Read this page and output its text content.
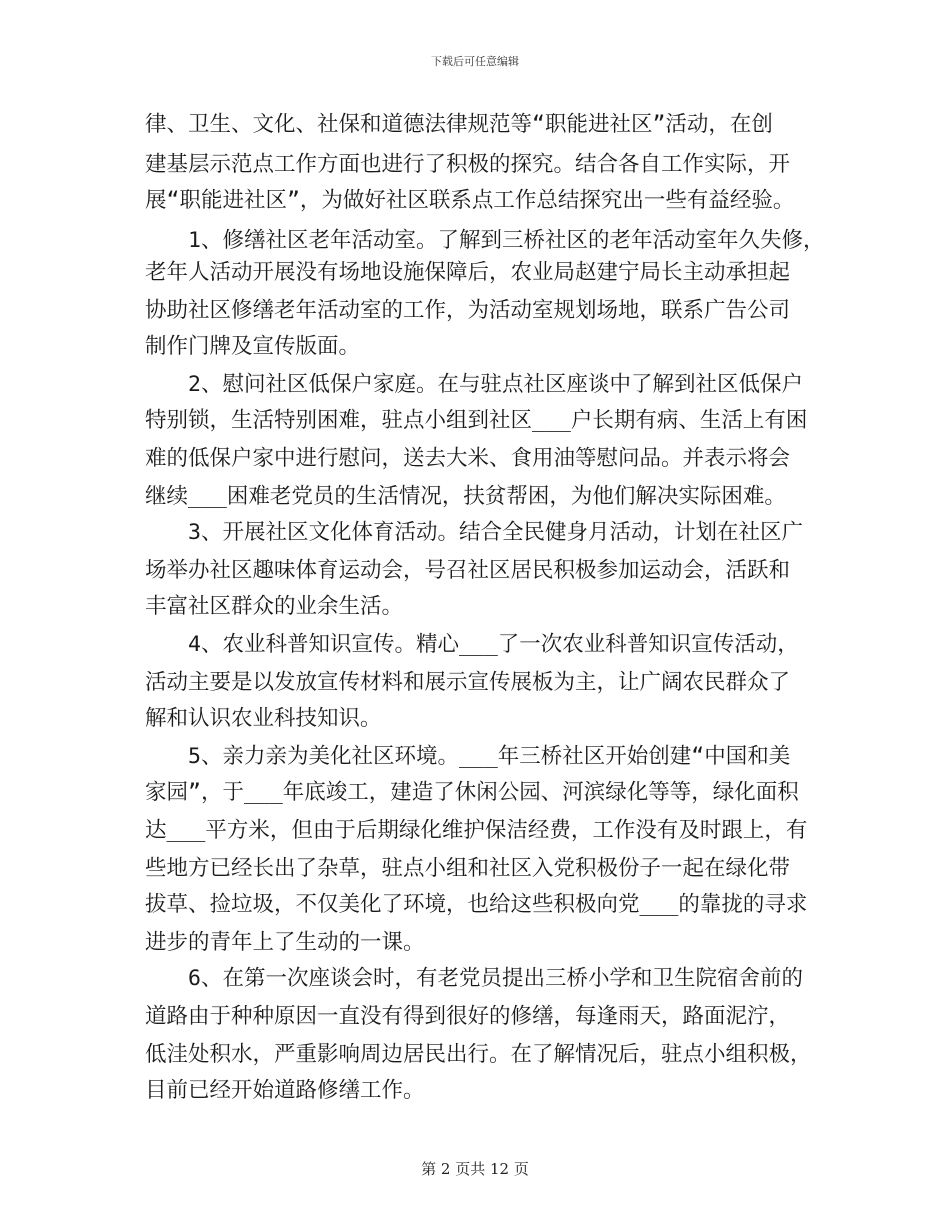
下载后可任意编辑
律、卫生、文化、社保和道德法律规范等“职能进社区”活动，在创
建基层示范点工作方面也进行了积极的探究。结合各自工作实际，开
展“职能进社区”，为做好社区联系点工作总结探究出一些有益经验。
　　1、修缮社区老年活动室。了解到三桥社区的老年活动室年久失修，
老年人活动开展没有场地设施保障后，农业局赵建宁局长主动承担起
协助社区修缮老年活动室的工作，为活动室规划场地，联系广告公司
制作门牌及宣传版面。
　　2、慰问社区低保户家庭。在与驻点社区座谈中了解到社区低保户
特别锁，生活特别困难，驻点小组到社区___户长期有病、生活上有困
难的低保户家中进行慰问，送去大米、食用油等慰问品。并表示将会
继续___困难老党员的生活情况，扶贫帮困，为他们解决实际困难。
　　3、开展社区文化体育活动。结合全民健身月活动，计划在社区广
场举办社区趣味体育运动会，号召社区居民积极参加运动会，活跃和
丰富社区群众的业余生活。
　　4、农业科普知识宣传。精心___了一次农业科普知识宣传活动，
活动主要是以发放宣传材料和展示宣传展板为主，让广阔农民群众了
解和认识农业科技知识。
　　5、亲力亲为美化社区环境。___年三桥社区开始创建“中国和美
家园”，于___年底竣工，建造了休闲公园、河滨绿化等等，绿化面积
达___平方米，但由于后期绿化维护保洁经费，工作没有及时跟上，有
些地方已经长出了杂草，驻点小组和社区入党积极份子一起在绿化带
拔草、捡垃圾，不仅美化了环境，也给这些积极向党___的靠拢的寻求
进步的青年上了生动的一课。
　　6、在第一次座谈会时，有老党员提出三桥小学和卫生院宿舍前的
道路由于种种原因一直没有得到很好的修缮，每逢雨天，路面泥泞，
低洼处积水，严重影响周边居民出行。在了解情况后，驻点小组积极，
目前已经开始道路修缮工作。
第 2 页共 12 页
